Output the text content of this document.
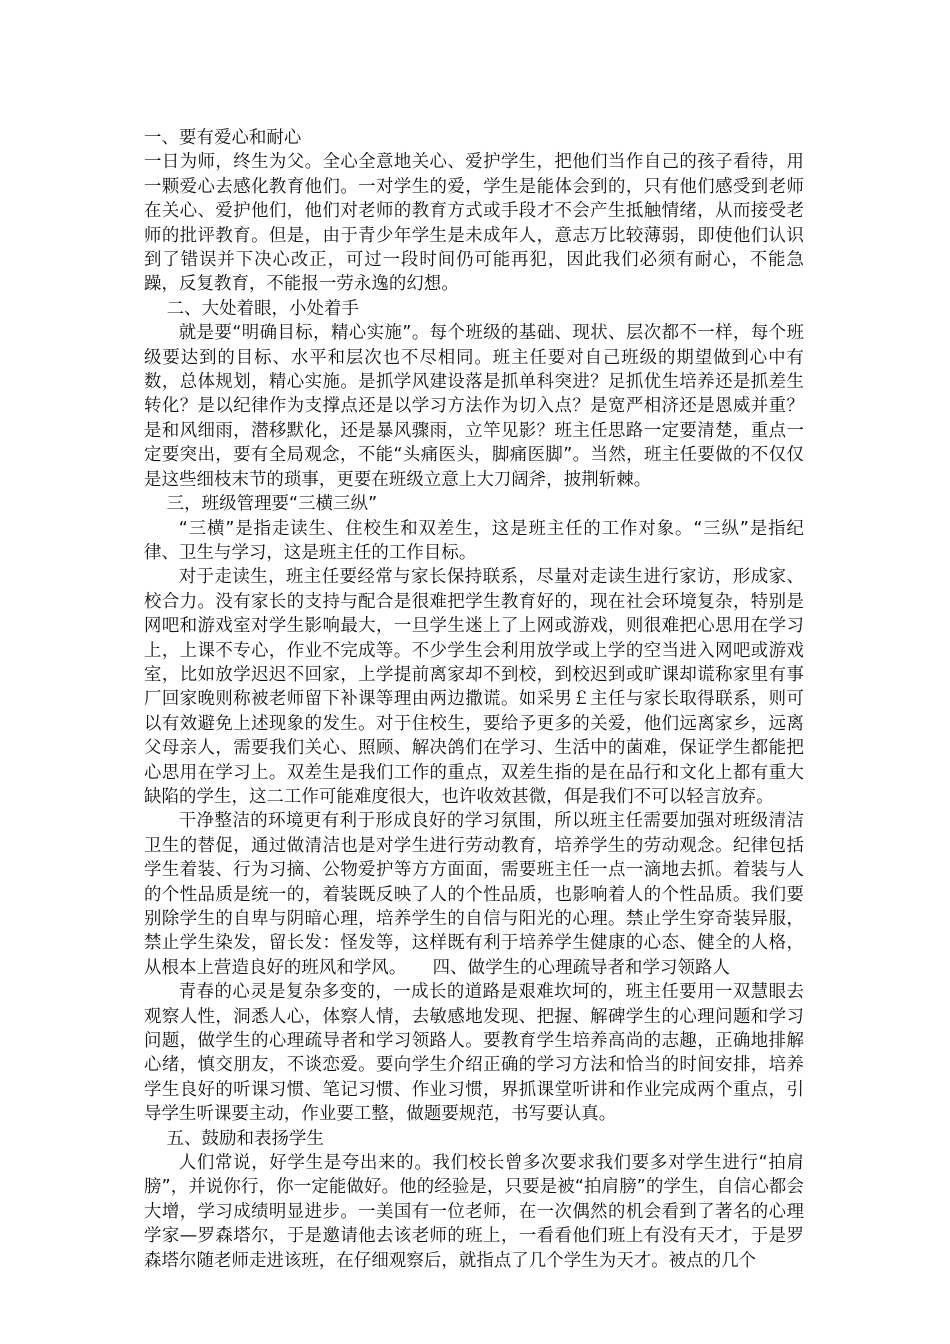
一、要有爱心和耐心

一日为师，终生为父。全心全意地关心、爱护学生，把他们当作自己的孩子看待，用一颗爱心去感化教育他们。一对学生的爱，学生是能体会到的，只有他们感受到老师在关心、爱护他们，他们对老师的教育方式或手段才不会产生抵触情绪，从而接受老师的批评教育。但是，由于青少年学生是未成年人，意志万比较薄弱，即使他们认识到了错误并下决心改正，可过一段时间仍可能再犯，因此我们必须有耐心，不能急躁，反复教育，不能报一劳永逸的幻想。

二、大处着眼，小处着手

就是要“明确目标，精心实施”。每个班级的基础、现状、层次都不一样，每个班级要达到的目标、水平和层次也不尽相同。班主任要对自己班级的期望做到心中有数，总体规划，精心实施。是抓学风建设落是抓单科突进？足抓优生培养还是抓差生转化？是以纪律作为支撑点还是以学习方法作为切入点？是宽严相济还是恩威并重？是和风细雨，潜移默化，还是暴风骤雨，立竿见影？班主任思路一定要清楚，重点一定要突出，要有全局观念，不能“头痛医头，脚痛医脚”。当然，班主任要做的不仅仅是这些细枝末节的琐事，更要在班级立意上大刀阔斧，披荆斩棘。

三，班级管理要“三横三纵”

“三横”是指走读生、住校生和双差生，这是班主任的工作对象。“三纵”是指纪律、卫生与学习，这是班主任的工作目标。

对于走读生，班主任要经常与家长保持联系，尽量对走读生进行家访，形成家、校合力。没有家长的支持与配合是很难把学生教育好的，现在社会环境复杂，特别是网吧和游戏室对学生影响最大，一旦学生迷上了上网或游戏，则很难把心思用在学习上，上课不专心，作业不完成等。不少学生会利用放学或上学的空当进入网吧或游戏室，比如放学迟迟不回家，上学提前离家却不到校，到校迟到或旷课却谎称家里有事厂回家晚则称被老师留下补课等理由两边撒谎。如采男￡主任与家长取得联系，则可以有效避免上述现象的发生。对于住校生，要给予更多的关爱，他们远离家乡，远离父母亲人，需要我们关心、照顾、解决鸽们在学习、生活中的菌难，保证学生都能把心思用在学习上。双差生是我们工作的重点，双差生指的是在品行和文化上都有重大缺陷的学生，这二工作可能难度很大，也许收效甚微，佴是我们不可以轻言放弃。

干净整洁的环境更有利于形成良好的学习氛围，所以班主任需要加强对班级清洁卫生的替促，通过做清洁也是对学生进行劳动教育，培养学生的劳动观念。纪律包括学生着装、行为习摘、公物爱护等方方面面，需要班主任一点一滴地去抓。着装与人的个性品质是统一的，着装既反映了人的个性品质，也影响着人的个性品质。我们要别除学生的自卑与阴暗心理，培养学生的自信与阳光的心理。禁止学生穿奇装异服，禁止学生染发，留长发：怪发等，这样既有利于培养学生健康的心态、健全的人格，从根本上营造良好的班风和学风。　　四、做学生的心理疏导者和学习领路人

青春的心灵是复杂多变的，一成长的道路是艰难坎坷的，班主任要用一双慧眼去观察人性，洞悉人心，体察人情，去敏感地发现、把握、解碑学生的心理问题和学习问题，做学生的心理疏导者和学习领路人。要教育学生培养高尚的志趣，正确地排解心绪，慎交朋友，不谈恋爱。要向学生介绍正确的学习方法和恰当的时间安排，培养学生良好的听课习惯、笔记习惯、作业习惯，界抓课堂听讲和作业完成两个重点，引导学生听课要主动，作业要工整，做题要规范，书写要认真。

五、鼓励和表扬学生

人们常说，好学生是夸出来的。我们校长曾多次要求我们要多对学生进行“拍肩膀”，并说你行，你一定能做好。他的经验是，只要是被“拍肩膀”的学生，自信心都会大增，学习成绩明显进步。一美国有一位老师，在一次偶然的机会看到了著名的心理学家—罗森塔尔，于是邀请他去该老师的班上，一看看他们班上有没有天才，于是罗森塔尔随老师走进该班，在仔细观察后，就指点了几个学生为天才。被点的几个
